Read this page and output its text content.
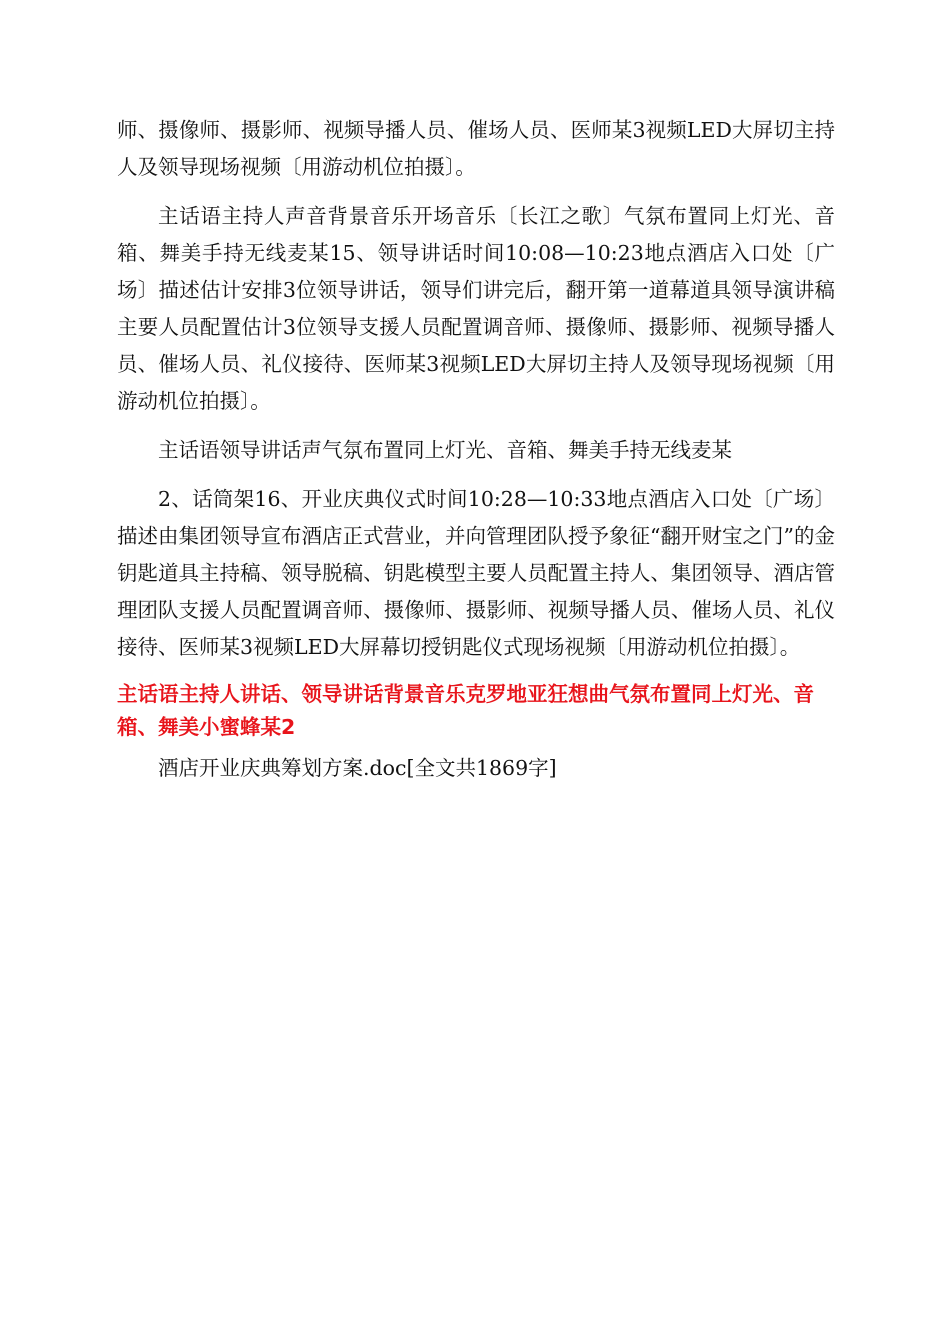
师、摄像师、摄影师、视频导播人员、催场人员、医师某3视频LED大屏切主持人及领导现场视频〔用游动机位拍摄〕。

主话语主持人声音背景音乐开场音乐〔长江之歌〕气氛布置同上灯光、音箱、舞美手持无线麦某15、领导讲话时间10:08—10:23地点酒店入口处〔广场〕描述估计安排3位领导讲话，领导们讲完后，翻开第一道幕道具领导演讲稿主要人员配置估计3位领导支援人员配置调音师、摄像师、摄影师、视频导播人员、催场人员、礼仪接待、医师某3视频LED大屏切主持人及领导现场视频〔用游动机位拍摄〕。

主话语领导讲话声气氛布置同上灯光、音箱、舞美手持无线麦某

2、话筒架16、开业庆典仪式时间10:28—10:33地点酒店入口处〔广场〕描述由集团领导宣布酒店正式营业，并向管理团队授予象征“翻开财宝之门”的金钥匙道具主持稿、领导脱稿、钥匙模型主要人员配置主持人、集团领导、酒店管理团队支援人员配置调音师、摄像师、摄影师、视频导播人员、催场人员、礼仪接待、医师某3视频LED大屏幕切授钥匙仪式现场视频〔用游动机位拍摄〕。

主话语主持人讲话、领导讲话背景音乐克罗地亚狂想曲气氛布置同上灯光、音箱、舞美小蜜蜂某2

酒店开业庆典筹划方案.doc[全文共1869字]
